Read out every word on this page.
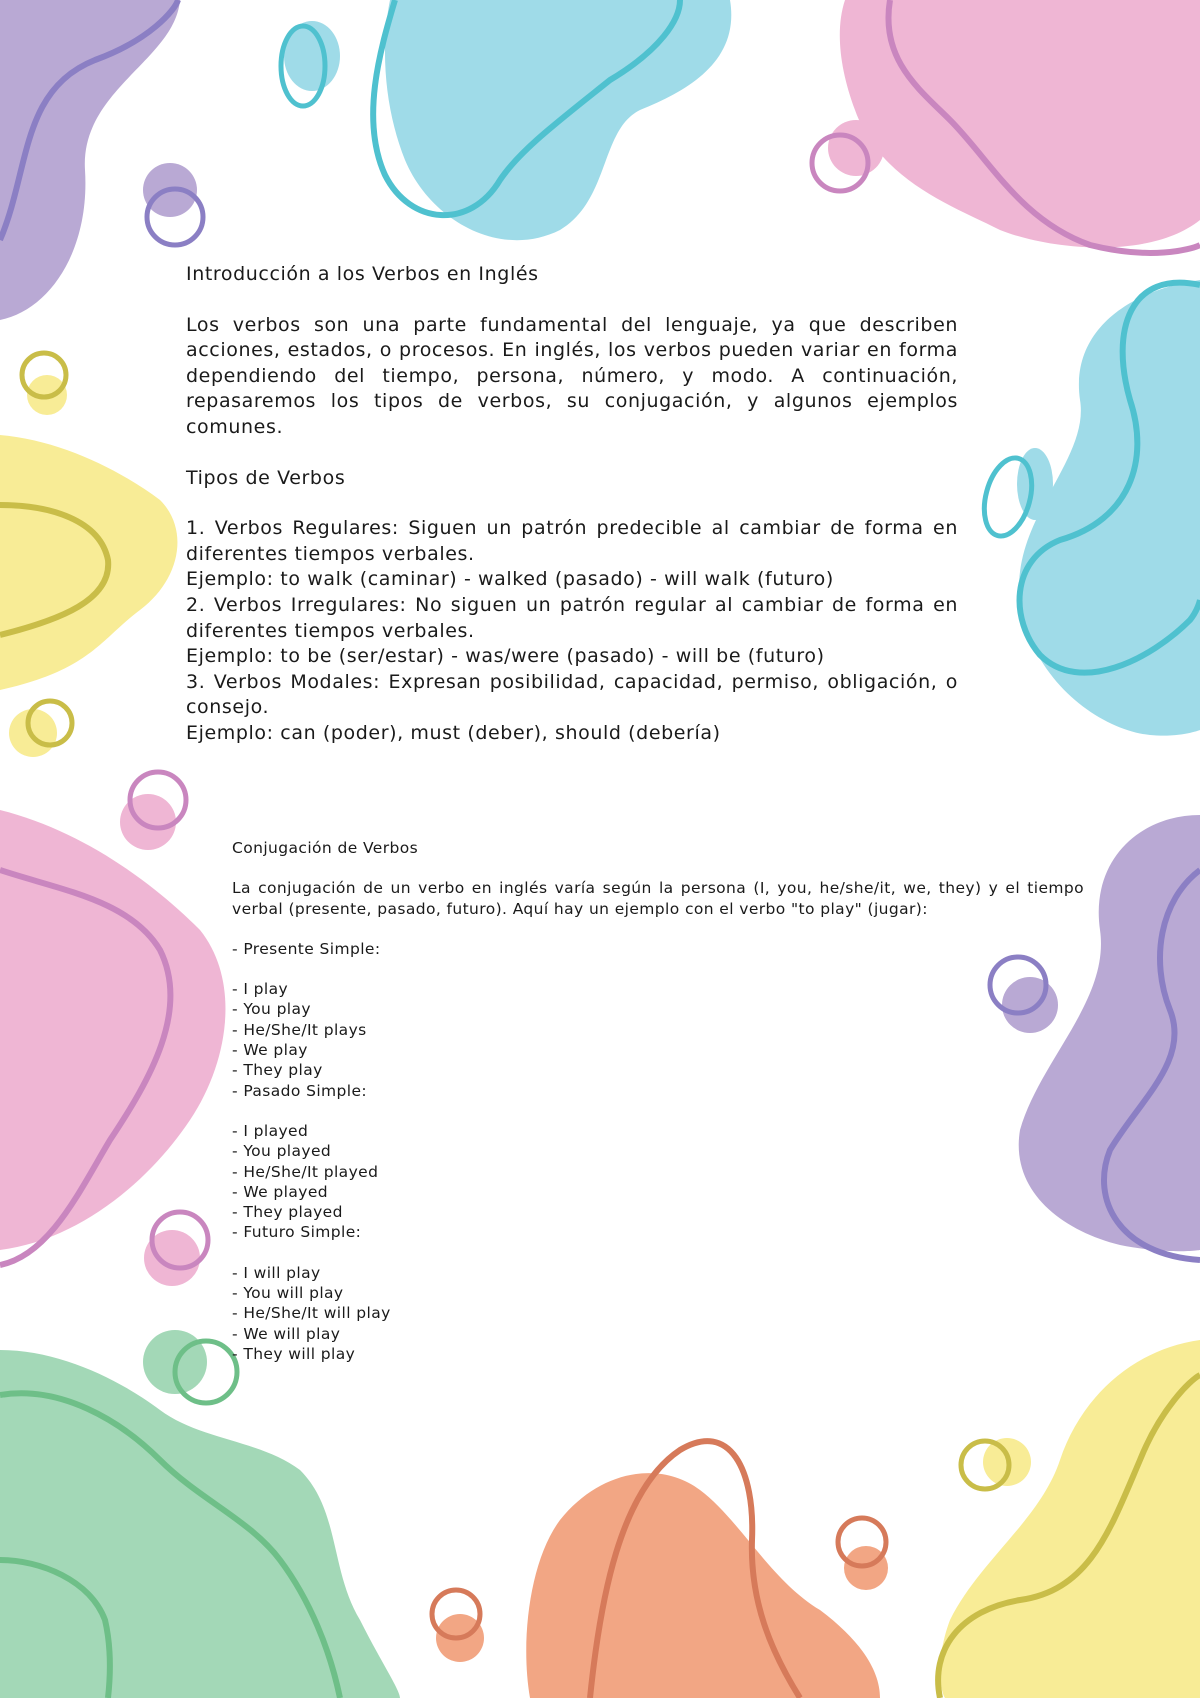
Introducción a los Verbos en Inglés

Los verbos son una parte fundamental del lenguaje, ya que describen acciones, estados, o procesos. En inglés, los verbos pueden variar en forma dependiendo del tiempo, persona, número, y modo. A continuación, repasaremos los tipos de verbos, su conjugación, y algunos ejemplos comunes.

Tipos de Verbos

1. Verbos Regulares: Siguen un patrón predecible al cambiar de forma en diferentes tiempos verbales.

Ejemplo: to walk (caminar) - walked (pasado) - will walk (futuro)

2. Verbos Irregulares: No siguen un patrón regular al cambiar de forma en diferentes tiempos verbales.

Ejemplo: to be (ser/estar) - was/were (pasado) - will be (futuro)

3. Verbos Modales: Expresan posibilidad, capacidad, permiso, obligación, o consejo.

Ejemplo: can (poder), must (deber), should (debería)

Conjugación de Verbos

La conjugación de un verbo en inglés varía según la persona (I, you, he/she/it, we, they) y el tiempo verbal (presente, pasado, futuro). Aquí hay un ejemplo con el verbo "to play" (jugar):

- Presente Simple:

- I play

- You play

- He/She/It plays

- We play

- They play

- Pasado Simple:

- I played

- You played

- He/She/It played

- We played

- They played

- Futuro Simple:

- I will play

- You will play

- He/She/It will play

- We will play

- They will play
